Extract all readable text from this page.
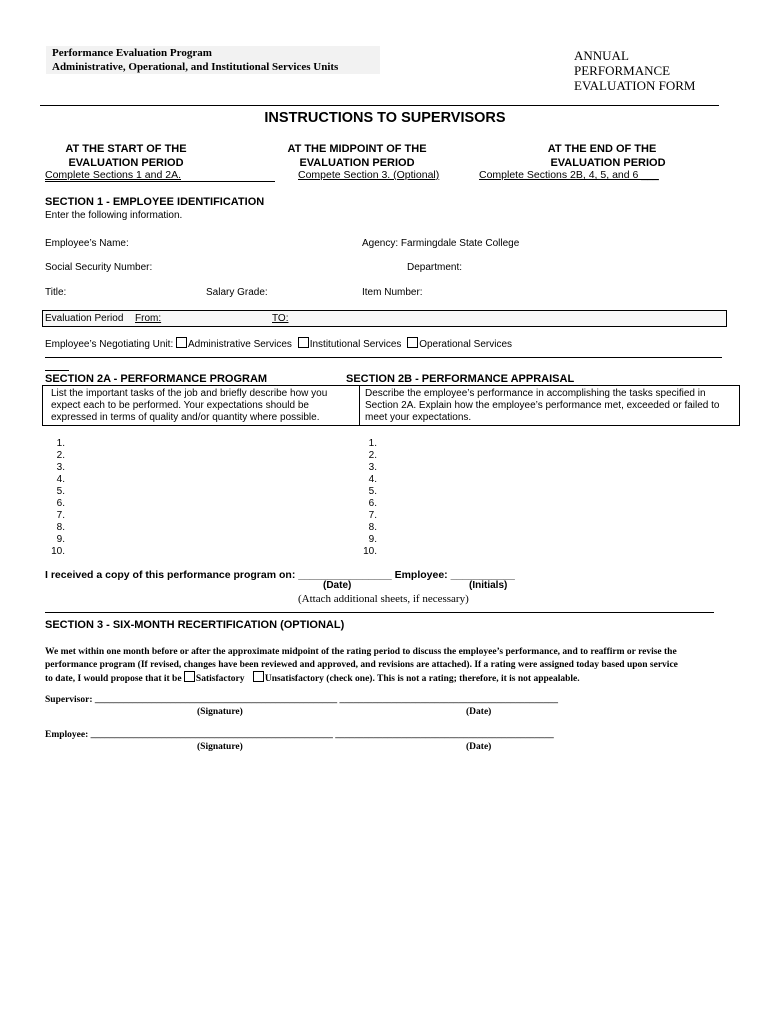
Performance Evaluation Program
Administrative, Operational, and Institutional Services Units
ANNUAL
PERFORMANCE
EVALUATION FORM
INSTRUCTIONS TO SUPERVISORS
AT THE START OF THE
EVALUATION PERIOD
Complete Sections 1 and 2A.
AT THE MIDPOINT OF THE
EVALUATION PERIOD
Compete Section 3. (Optional)
AT THE END OF THE
EVALUATION PERIOD
Complete Sections 2B, 4, 5, and 6 ___
SECTION 1 - EMPLOYEE IDENTIFICATION
Enter the following information.
Employee’s Name:	Agency: Farmingdale State College
Social Security Number:	Department:
Title:	Salary Grade:	Item Number:
Evaluation Period From:	TO:
Employee’s Negotiating Unit: Administrative Services Institutional Services Operational Services
SECTION 2A - PERFORMANCE PROGRAM	SECTION 2B - PERFORMANCE APPRAISAL
List the important tasks of the job and briefly describe how you
expect each to be performed. Your expectations should be
expressed in terms of quality and/or quantity where possible.
Describe the employee’s performance in accomplishing the tasks specified in
Section 2A. Explain how the employee’s performance met, exceeded or failed to
meet your expectations.
1.
2.
3.
4.
5.
6.
7.
8.
9.
10.
1.
2.
3.
4.
5.
6.
7.
8.
9.
10.
I received a copy of this performance program on: ________________ Employee: ___________
(Date)	(Initials)
(Attach additional sheets, if necessary)
SECTION 3 - SIX-MONTH RECERTIFICATION (OPTIONAL)
We met within one month before or after the approximate midpoint of the rating period to discuss the employee’s performance, and to reaffirm or revise the
performance program (If revised, changes have been reviewed and approved, and revisions are attached). If a rating were assigned today based upon service
to date, I would propose that it be Satisfactory Unsatisfactory (check one). This is not a rating; therefore, it is not appealable.
Supervisor: ___________________________________________________ ______________________________________________
(Signature)	(Date)
Employee: ___________________________________________________ ______________________________________________
(Signature)	(Date)
